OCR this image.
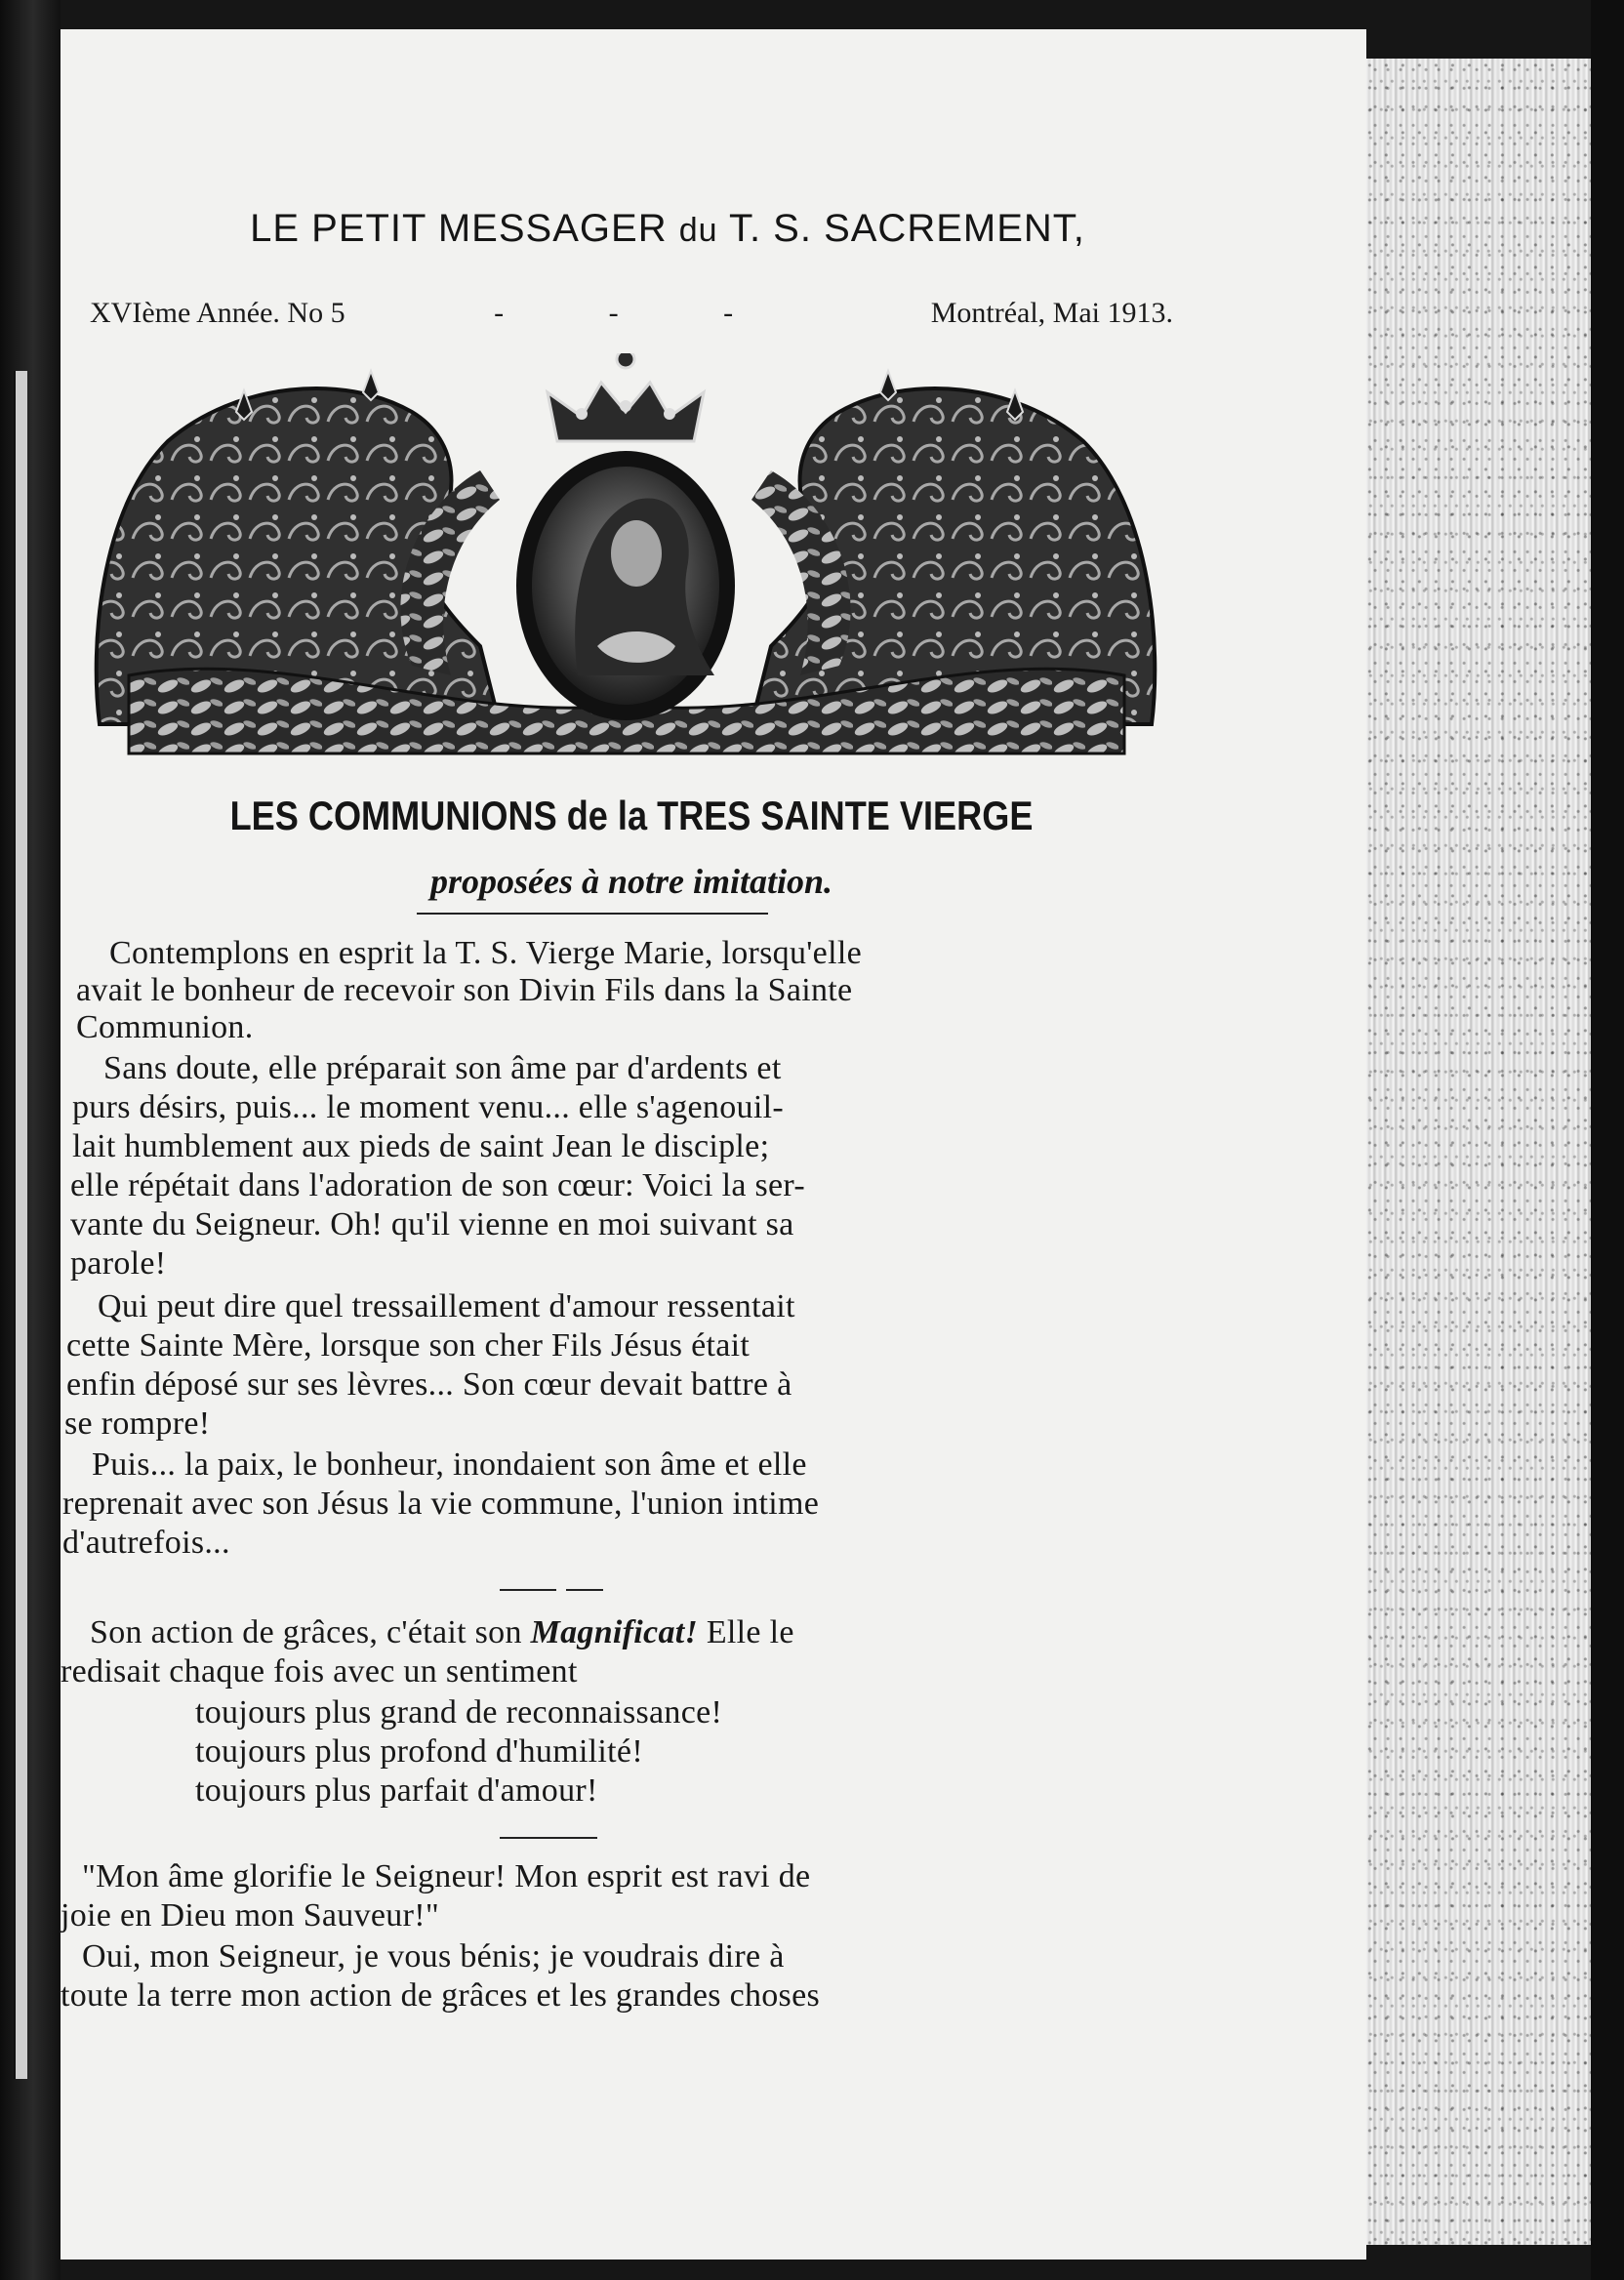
LE PETIT MESSAGER du T. S. SACREMENT,
XVIème Année. No 5	- - -	Montréal, Mai 1913.
LES COMMUNIONS de la TRES SAINTE VIERGE
proposées à notre imitation.
Contemplons en esprit la T. S. Vierge Marie, lorsqu'elle
avait le bonheur de recevoir son Divin Fils dans la Sainte
Communion.
Sans doute, elle préparait son âme par d'ardents et
purs désirs, puis... le moment venu... elle s'agenouil-
lait humblement aux pieds de saint Jean le disciple;
elle répétait dans l'adoration de son cœur: Voici la ser-
vante du Seigneur. Oh! qu'il vienne en moi suivant sa
parole!
Qui peut dire quel tressaillement d'amour ressentait
cette Sainte Mère, lorsque son cher Fils Jésus était
enfin déposé sur ses lèvres... Son cœur devait battre à
se rompre!
Puis... la paix, le bonheur, inondaient son âme et elle
reprenait avec son Jésus la vie commune, l'union intime
d'autrefois...
Son action de grâces, c'était son Magnificat! Elle le
redisait chaque fois avec un sentiment
toujours plus grand de reconnaissance!
toujours plus profond d'humilité!
toujours plus parfait d'amour!
"Mon âme glorifie le Seigneur! Mon esprit est ravi de
joie en Dieu mon Sauveur!"
Oui, mon Seigneur, je vous bénis; je voudrais dire à
toute la terre mon action de grâces et les grandes choses
